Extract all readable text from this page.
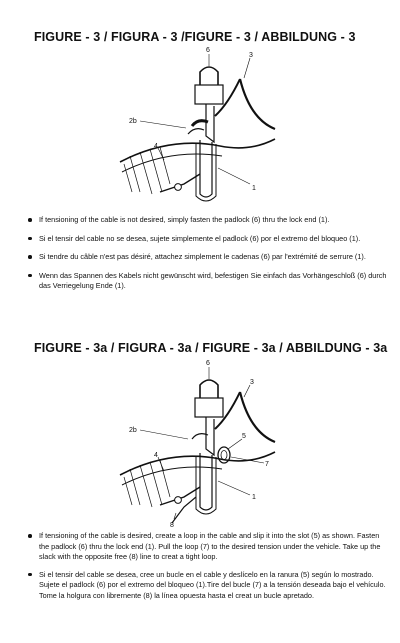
FIGURE - 3 / FIGURA - 3 /FIGURE - 3 / ABBILDUNG - 3
6
3
2b
4
1
If tensioning of the cable is not desired, simply fasten the padlock (6) thru the lock end (1).
Si el tensir del cable no se desea, sujete simplemente el padlock (6) por el extremo del bloqueo (1).
Si tendre du câble n'est pas désiré, attachez simplement le cadenas (6) par l'extrémité de serrure (1).
Wenn das Spannen des Kabels nicht gewünscht wird, befestigen Sie einfach das Vorhängeschloß (6) durch das Verriegelung Ende (1).
FIGURE - 3a / FIGURA - 3a / FIGURE - 3a / ABBILDUNG - 3a
6
3
2b
5
7
4
1
8
If tensioning of the cable is desired, create a loop in the cable and slip it into the slot (5) as shown. Fasten the padlock (6) thru the lock end (1). Pull the loop (7) to the desired tension under the vehicle. Take up the slack with the opposite free (8) line to creat a tight loop.
Si el tensir del cable se desea, cree un bucle en el cable y deslícelo en la ranura (5) según lo mostrado. Sujete el padlock (6) por el extremo del bloqueo (1).Tire del bucle (7) a la tensión deseada bajo el vehículo. Tome la holgura con librernente (8) la línea opuesta hasta el creat un bucle apretado.
